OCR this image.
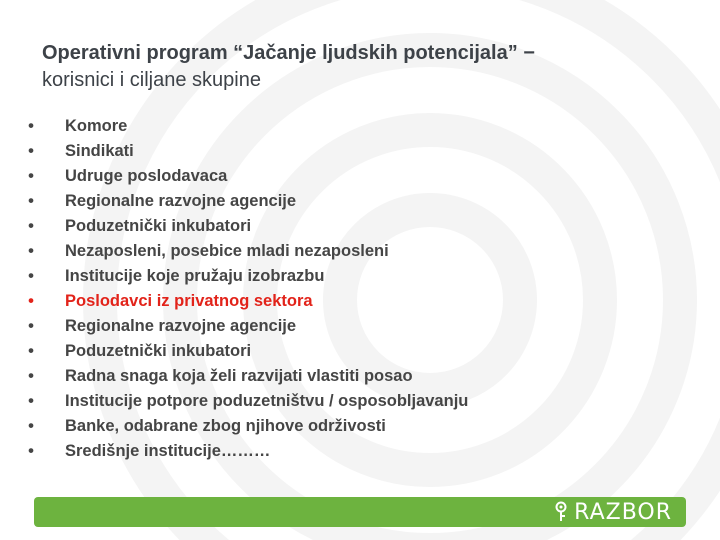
Operativni program “Jačanje ljudskih potencijala” −
korisnici i ciljane skupine
• Komore
• Sindikati
• Udruge poslodavaca
• Regionalne razvojne agencije
• Poduzetnički inkubatori
• Nezaposleni, posebice mladi nezaposleni
• Institucije koje pružaju izobrazbu
• Poslodavci iz privatnog sektora
• Regionalne razvojne agencije
• Poduzetnički inkubatori
• Radna snaga koja želi razvijati vlastiti posao
• Institucije potpore poduzetništvu / osposobljavanju
• Banke, odabrane zbog njihove održivosti
• Središnje institucije………
RAZBOR
